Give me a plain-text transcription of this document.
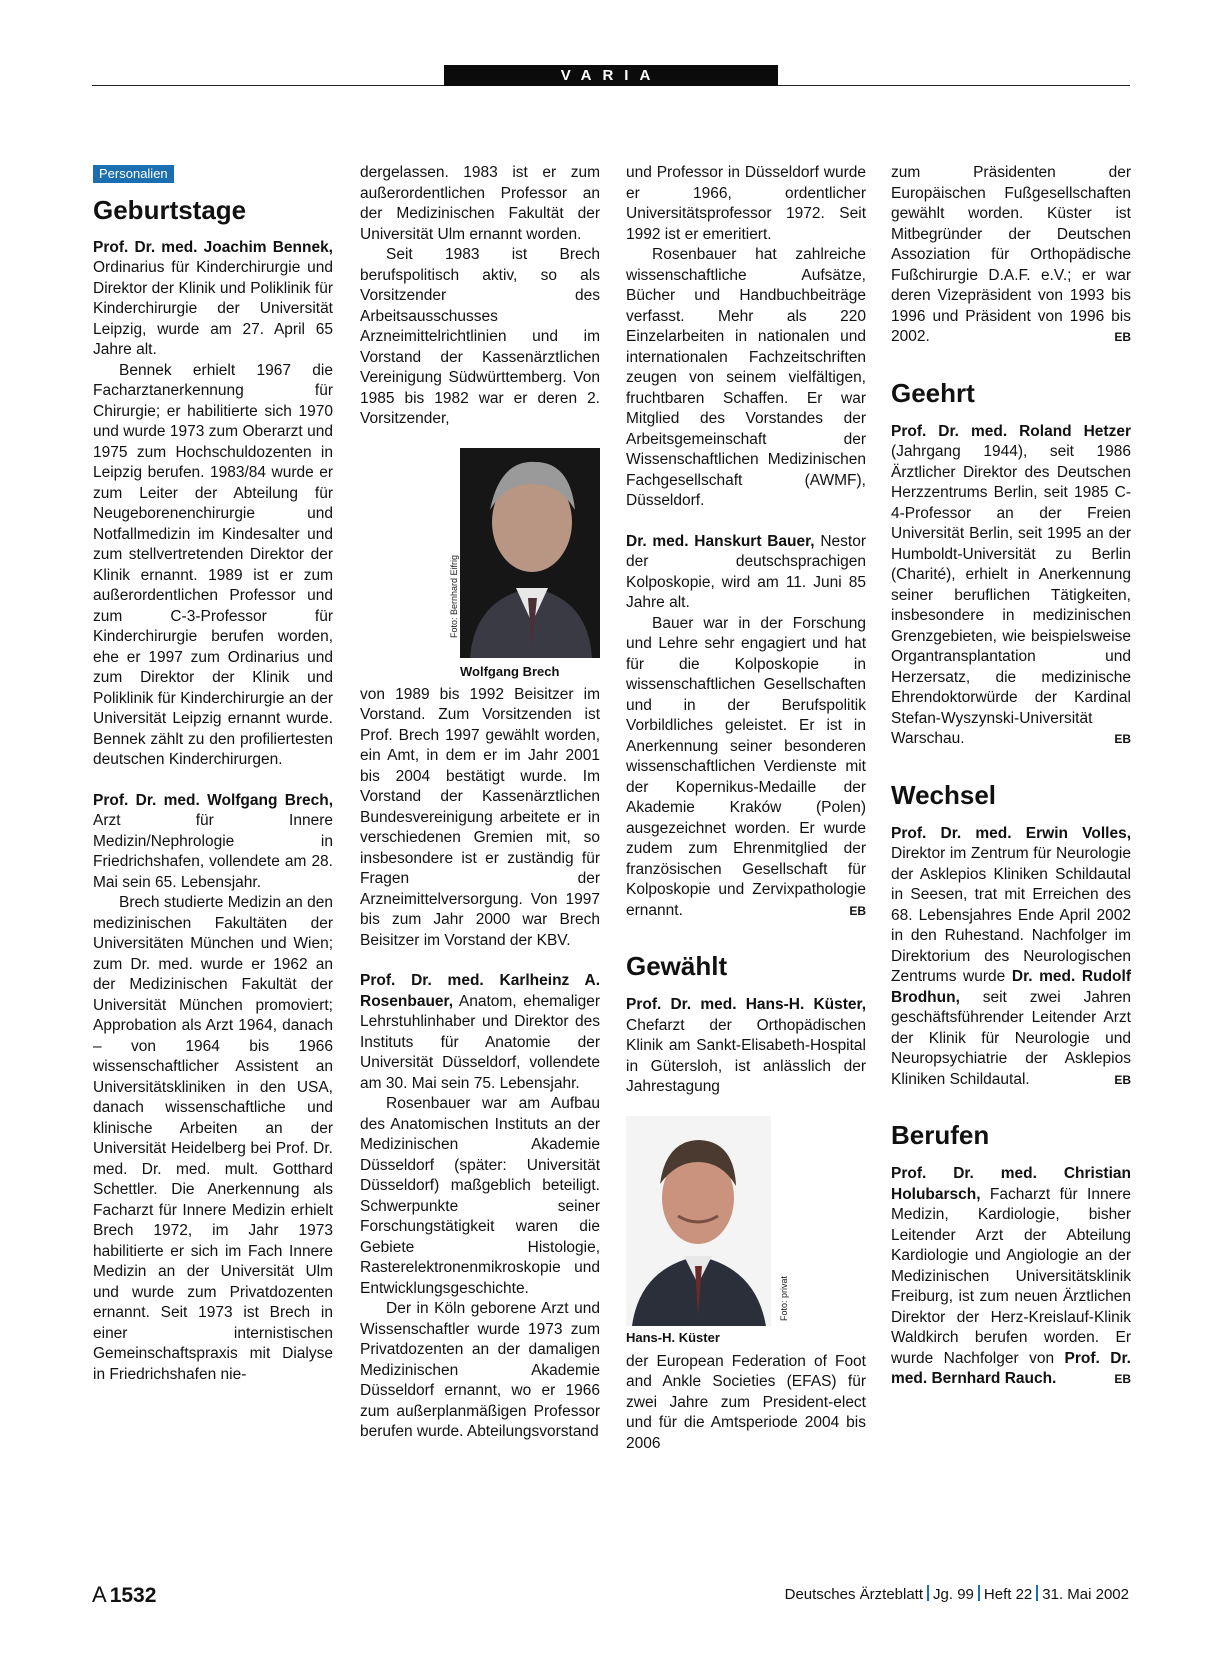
VARIA
Personalien
Geburtstage

Prof. Dr. med. Joachim Bennek, Ordinarius für Kinderchirurgie und Direktor der Klinik und Poliklinik für Kinderchirurgie der Universität Leipzig, wurde am 27. April 65 Jahre alt.

Bennek erhielt 1967 die Facharztanerkennung für Chirurgie; er habilitierte sich 1970 und wurde 1973 zum Oberarzt und 1975 zum Hochschuldozenten in Leipzig berufen. 1983/84 wurde er zum Leiter der Abteilung für Neugeborenenchirurgie und Notfallmedizin im Kindesalter und zum stellvertretenden Direktor der Klinik ernannt. 1989 ist er zum außerordentlichen Professor und zum C-3-Professor für Kinderchirurgie berufen worden, ehe er 1997 zum Ordinarius und zum Direktor der Klinik und Poliklinik für Kinderchirurgie an der Universität Leipzig ernannt wurde. Bennek zählt zu den profiliertesten deutschen Kinderchirurgen.

Prof. Dr. med. Wolfgang Brech, Arzt für Innere Medizin/Nephrologie in Friedrichshafen, vollendete am 28. Mai sein 65. Lebensjahr.

Brech studierte Medizin an den medizinischen Fakultäten der Universitäten München und Wien; zum Dr. med. wurde er 1962 an der Medizinischen Fakultät der Universität München promoviert; Approbation als Arzt 1964, danach – von 1964 bis 1966 wissenschaftlicher Assistent an Universitätskliniken in den USA, danach wissenschaftliche und klinische Arbeiten an der Universität Heidelberg bei Prof. Dr. med. Dr. med. mult. Gotthard Schettler. Die Anerkennung als Facharzt für Innere Medizin erhielt Brech 1972, im Jahr 1973 habilitierte er sich im Fach Innere Medizin an der Universität Ulm und wurde zum Privatdozenten ernannt. Seit 1973 ist Brech in einer internistischen Gemeinschaftspraxis mit Dialyse in Friedrichshafen nie-

dergelassen. 1983 ist er zum außerordentlichen Professor an der Medizinischen Fakultät der Universität Ulm ernannt worden.

Seit 1983 ist Brech berufspolitisch aktiv, so als Vorsitzender des Arbeitsausschusses Arzneimittelrichtlinien und im Vorstand der Kassenärztlichen Vereinigung Südwürttemberg. Von 1985 bis 1982 war er deren 2. Vorsitzender,

Foto: Bernhard Eifrig
Wolfgang Brech

von 1989 bis 1992 Beisitzer im Vorstand. Zum Vorsitzenden ist Prof. Brech 1997 gewählt worden, ein Amt, in dem er im Jahr 2001 bis 2004 bestätigt wurde. Im Vorstand der Kassenärztlichen Bundesvereinigung arbeitete er in verschiedenen Gremien mit, so insbesondere ist er zuständig für Fragen der Arzneimittelversorgung. Von 1997 bis zum Jahr 2000 war Brech Beisitzer im Vorstand der KBV.

Prof. Dr. med. Karlheinz A. Rosenbauer, Anatom, ehemaliger Lehrstuhlinhaber und Direktor des Instituts für Anatomie der Universität Düsseldorf, vollendete am 30. Mai sein 75. Lebensjahr.

Rosenbauer war am Aufbau des Anatomischen Instituts an der Medizinischen Akademie Düsseldorf (später: Universität Düsseldorf) maßgeblich beteiligt. Schwerpunkte seiner Forschungstätigkeit waren die Gebiete Histologie, Rasterelektronenmikroskopie und Entwicklungsgeschichte.

Der in Köln geborene Arzt und Wissenschaftler wurde 1973 zum Privatdozenten an der damaligen Medizinischen Akademie Düsseldorf ernannt, wo er 1966 zum außerplanmäßigen Professor berufen wurde. Abteilungsvorstand

und Professor in Düsseldorf wurde er 1966, ordentlicher Universitätsprofessor 1972. Seit 1992 ist er emeritiert.

Rosenbauer hat zahlreiche wissenschaftliche Aufsätze, Bücher und Handbuchbeiträge verfasst. Mehr als 220 Einzelarbeiten in nationalen und internationalen Fachzeitschriften zeugen von seinem vielfältigen, fruchtbaren Schaffen. Er war Mitglied des Vorstandes der Arbeitsgemeinschaft der Wissenschaftlichen Medizinischen Fachgesellschaft (AWMF), Düsseldorf.

Dr. med. Hanskurt Bauer, Nestor der deutschsprachigen Kolposkopie, wird am 11. Juni 85 Jahre alt.

Bauer war in der Forschung und Lehre sehr engagiert und hat für die Kolposkopie in wissenschaftlichen Gesellschaften und in der Berufspolitik Vorbildliches geleistet. Er ist in Anerkennung seiner besonderen wissenschaftlichen Verdienste mit der Kopernikus-Medaille der Akademie Kraków (Polen) ausgezeichnet worden. Er wurde zudem zum Ehrenmitglied der französischen Gesellschaft für Kolposkopie und Zervixpathologie ernannt.	EB

Gewählt

Prof. Dr. med. Hans-H. Küster, Chefarzt der Orthopädischen Klinik am Sankt-Elisabeth-Hospital in Gütersloh, ist anlässlich der Jahrestagung

Foto: privat
Hans-H. Küster

der European Federation of Foot and Ankle Societies (EFAS) für zwei Jahre zum President-elect und für die Amtsperiode 2004 bis 2006

zum Präsidenten der Europäischen Fußgesellschaften gewählt worden. Küster ist Mitbegründer der Deutschen Assoziation für Orthopädische Fußchirurgie D.A.F. e.V.; er war deren Vizepräsident von 1993 bis 1996 und Präsident von 1996 bis 2002.	EB

Geehrt

Prof. Dr. med. Roland Hetzer (Jahrgang 1944), seit 1986 Ärztlicher Direktor des Deutschen Herzzentrums Berlin, seit 1985 C-4-Professor an der Freien Universität Berlin, seit 1995 an der Humboldt-Universität zu Berlin (Charité), erhielt in Anerkennung seiner beruflichen Tätigkeiten, insbesondere in medizinischen Grenzgebieten, wie beispielsweise Organtransplantation und Herzersatz, die medizinische Ehrendoktorwürde der Kardinal Stefan-Wyszynski-Universität Warschau.	EB

Wechsel

Prof. Dr. med. Erwin Volles, Direktor im Zentrum für Neurologie der Asklepios Kliniken Schildautal in Seesen, trat mit Erreichen des 68. Lebensjahres Ende April 2002 in den Ruhestand. Nachfolger im Direktorium des Neurologischen Zentrums wurde Dr. med. Rudolf Brodhun, seit zwei Jahren geschäftsführender Leitender Arzt der Klinik für Neurologie und Neuropsychiatrie der Asklepios Kliniken Schildautal.	EB

Berufen

Prof. Dr. med. Christian Holubarsch, Facharzt für Innere Medizin, Kardiologie, bisher Leitender Arzt der Abteilung Kardiologie und Angiologie an der Medizinischen Universitätsklinik Freiburg, ist zum neuen Ärztlichen Direktor der Herz-Kreislauf-Klinik Waldkirch berufen worden. Er wurde Nachfolger von Prof. Dr. med. Bernhard Rauch.	EB

A 1532	Deutsches Ärzteblatt Jg. 99 Heft 22 31. Mai 2002
